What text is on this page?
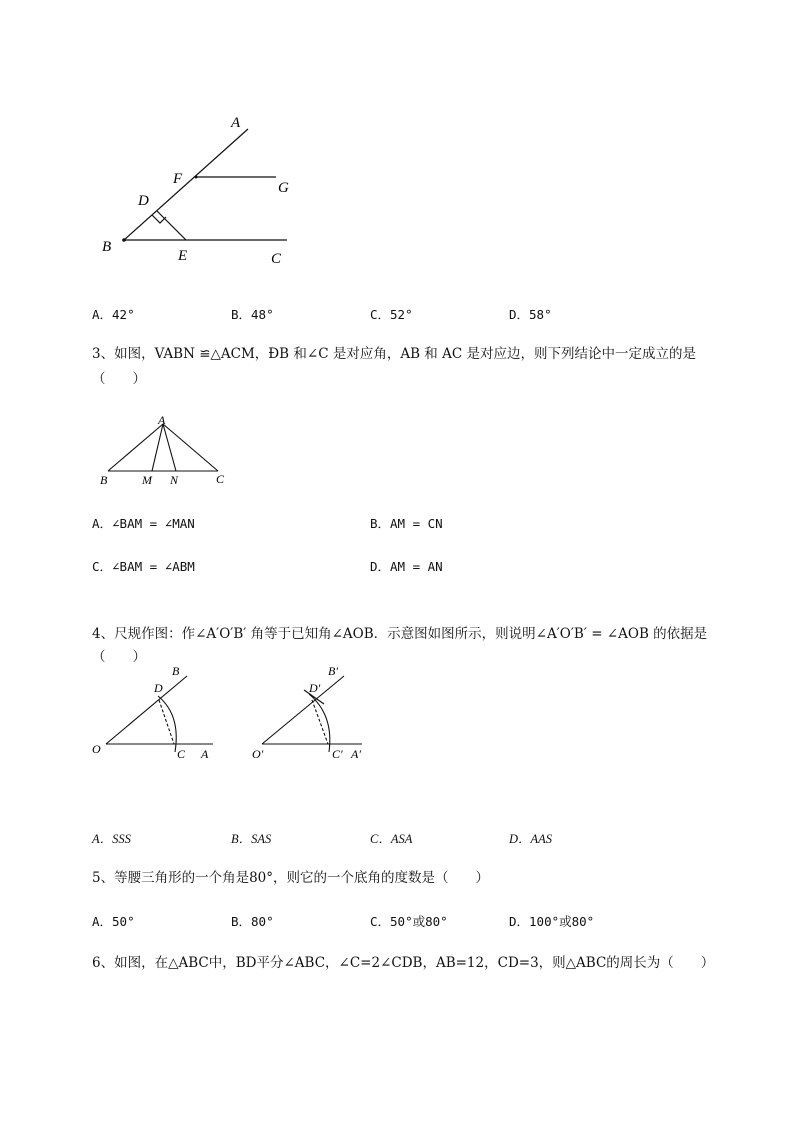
A
F
G
D
B
E	C
A．42°	B．48°	C．52°	D．58°
3、如图，VABN ≌△ACM，ÐB 和∠C 是对应角，AB 和 AC 是对应边，则下列结论中一定成立的是
（　　）
A
B	M N	C
A．∠BAM = ∠MAN	B．AM = CN
C．∠BAM = ∠ABM	D．AM = AN
4、尺规作图：作∠A′O′B′ 角等于已知角∠AOB．示意图如图所示，则说明∠A′O′B′ = ∠AOB 的依据是
（　　）
B
D
O	C A
B′
D′
O′	C′ A′
A．SSS	B．SAS	C．ASA	D．AAS
5、等腰三角形的一个角是80°，则它的一个底角的度数是（　　）
A．50°	B．80°	C．50°或80°	D．100°或80°
6、如图，在△ABC中，BD平分∠ABC，∠C=2∠CDB，AB=12，CD=3，则△ABC的周长为（　　）
